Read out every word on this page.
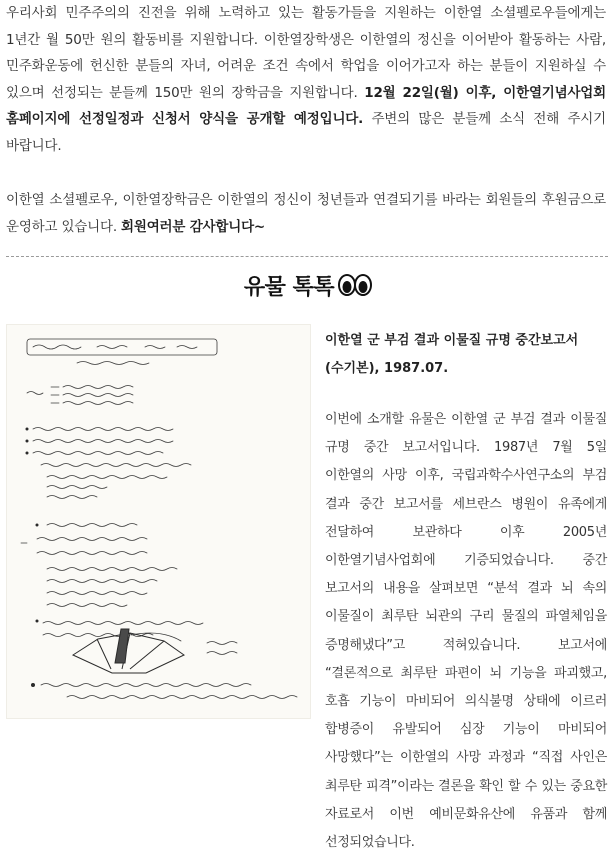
우리사회 민주주의의 진전을 위해 노력하고 있는 활동가들을 지원하는 이한열 소셜펠로우들에게는 1년간 월 50만 원의 활동비를 지원합니다. 이한열장학생은 이한열의 정신을 이어받아 활동하는 사람, 민주화운동에 헌신한 분들의 자녀, 어려운 조건 속에서 학업을 이어가고자 하는 분들이 지원하실 수 있으며 선정되는 분들께 150만 원의 장학금을 지원합니다. 12월 22일(월) 이후, 이한열기념사업회 홈페이지에 선정일정과 신청서 양식을 공개할 예정입니다. 주변의 많은 분들께 소식 전해 주시기 바랍니다.

이한열 소셜펠로우, 이한열장학금은 이한열의 정신이 청년들과 연결되기를 바라는 회원들의 후원금으로 운영하고 있습니다. 회원여러분 감사합니다~

유물 톡톡

이한열 군 부검 결과 이물질 규명 중간보고서(수기본), 1987.07.

이번에 소개할 유물은 이한열 군 부검 결과 이물질 규명 중간 보고서입니다. 1987년 7월 5일 이한열의 사망 이후, 국립과학수사연구소의 부검 결과 중간 보고서를 세브란스 병원이 유족에게 전달하여 보관하다 이후 2005년 이한열기념사업회에 기증되었습니다. 중간 보고서의 내용을 살펴보면 “분석 결과 뇌 속의 이물질이 최루탄 뇌관의 구리 물질의 파열체임을 증명해냈다”고 적혀있습니다. 보고서에 “결론적으로 최루탄 파편이 뇌 기능을 파괴했고, 호흡 기능이 마비되어 의식불명 상태에 이르러 합병증이 유발되어 심장 기능이 마비되어 사망했다”는 이한열의 사망 과정과 “직접 사인은 최루탄 피격”이라는 결론을 확인 할 수 있는 중요한 자료로서 이번 예비문화유산에 유품과 함께 선정되었습니다.
